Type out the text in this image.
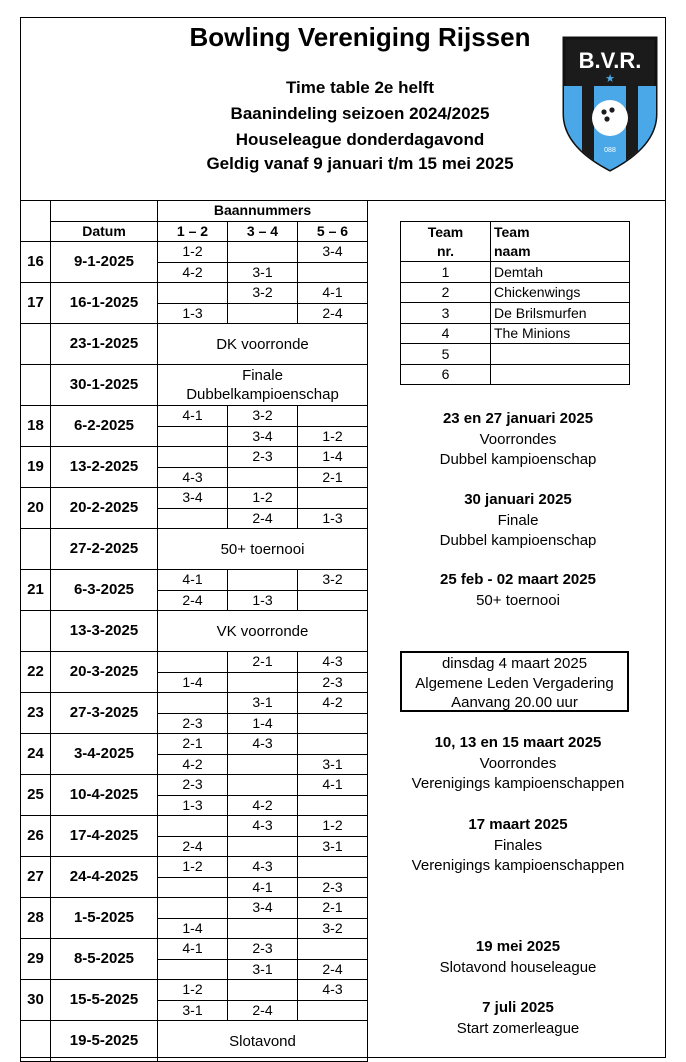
Bowling Vereniging Rijssen
Time table 2e helft
Baanindeling seizoen 2024/2025
Houseleague donderdagavond
Geldig vanaf 9 januari t/m 15 mei 2025
B.V.R.
★
088
		Baannummers		
	Datum	1 – 2	3 – 4	5 – 6
16	9-1-2025	1-2		3-4
		4-2	3-1	
17	16-1-2025		3-2	4-1
		1-3		2-4
	23-1-2025	DK voorronde		

	30-1-2025	Finale Dubbelkampioenschap		

18	6-2-2025	4-1	3-2	
			3-4	1-2
19	13-2-2025		2-3	1-4
		4-3		2-1
20	20-2-2025	3-4	1-2	
			2-4	1-3
	27-2-2025	50+ toernooi		

21	6-3-2025	4-1		3-2
		2-4	1-3	
	13-3-2025	VK voorronde		

22	20-3-2025		2-1	4-3
		1-4		2-3
23	27-3-2025		3-1	4-2
		2-3	1-4	
24	3-4-2025	2-1	4-3	
		4-2		3-1
25	10-4-2025	2-3		4-1
		1-3	4-2	
26	17-4-2025		4-3	1-2
		2-4		3-1
27	24-4-2025	1-2	4-3	
			4-1	2-3
28	1-5-2025		3-4	2-1
		1-4		3-2
29	8-5-2025	4-1	2-3	
			3-1	2-4
30	15-5-2025	1-2		4-3
		3-1	2-4	
	19-5-2025	Slotavond		

Team
nr.	Team
naam
1	Demtah
2	Chickenwings
3	De Brilsmurfen
4	The Minions
5	
6	
23 en 27 januari 2025
Voorrondes
Dubbel kampioenschap
30 januari 2025
Finale
Dubbel kampioenschap
25 feb - 02 maart 2025
50+ toernooi
dinsdag 4 maart 2025
Algemene Leden Vergadering
Aanvang 20.00 uur
10, 13 en 15 maart 2025
Voorrondes
Verenigings kampioenschappen
17 maart 2025
Finales
Verenigings kampioenschappen
19 mei 2025
Slotavond houseleague
7 juli 2025
Start zomerleague
